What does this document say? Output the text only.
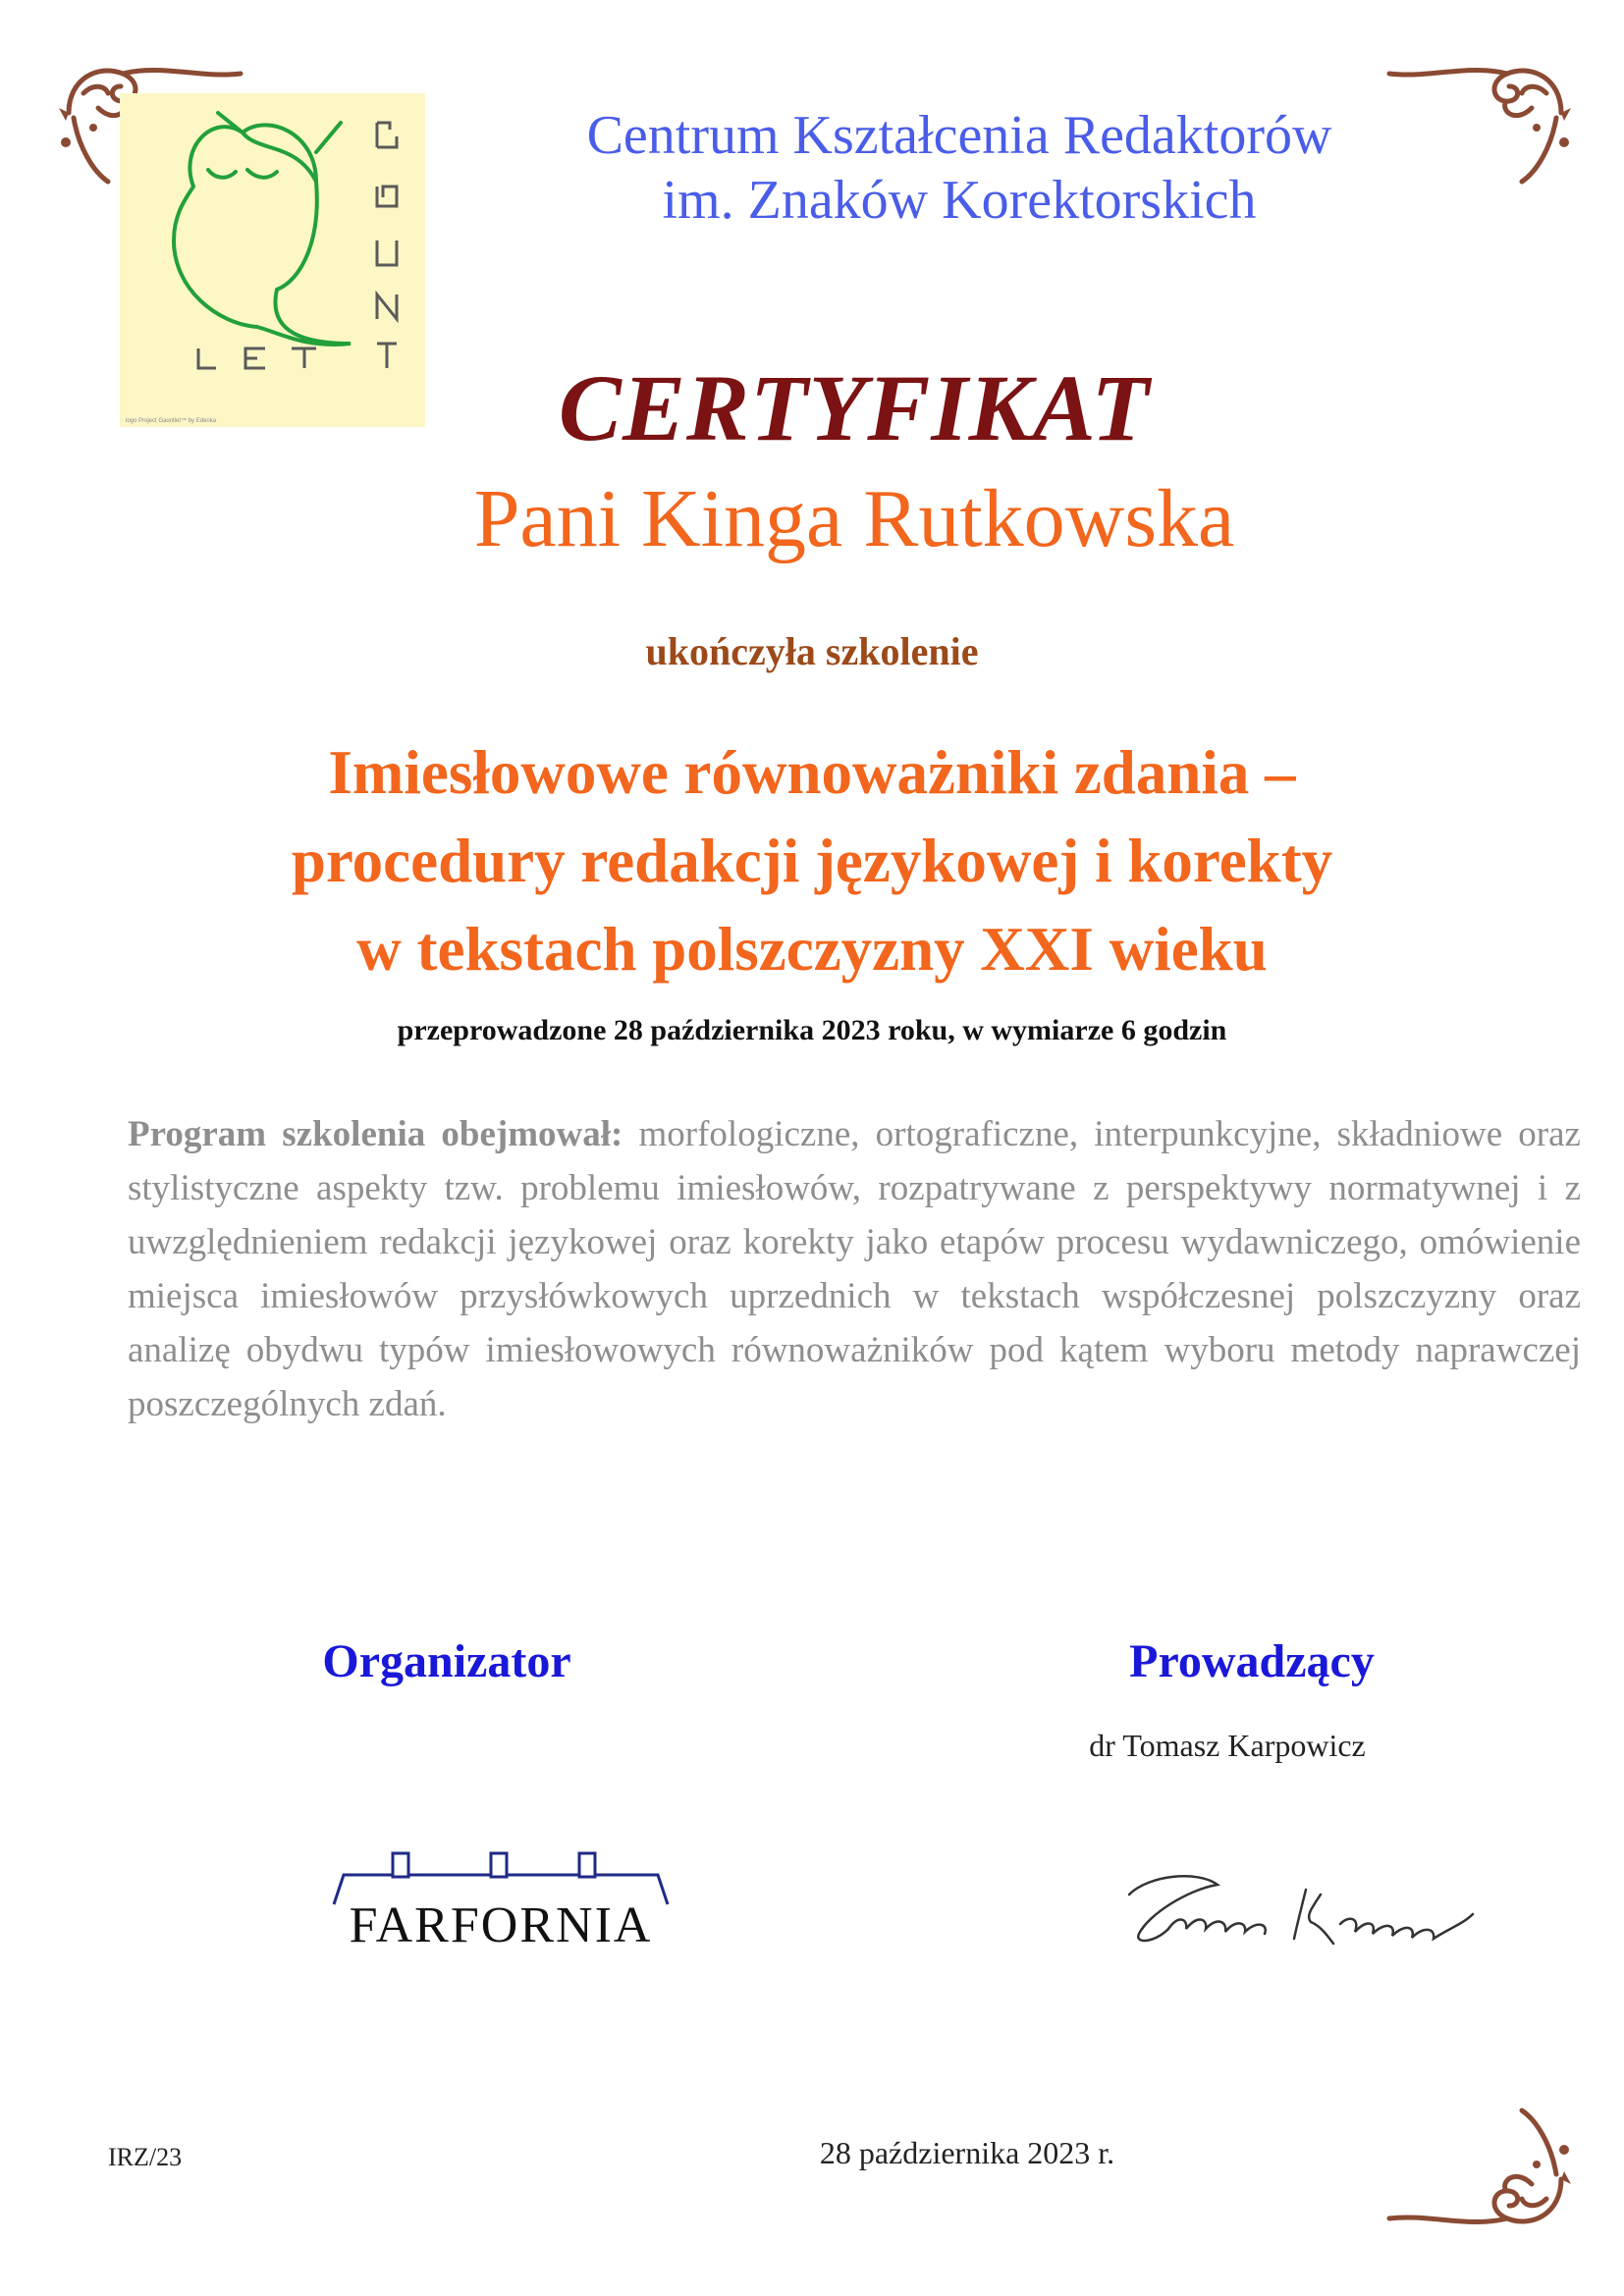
logo Project Gauntlet™ by Edenka
Centrum Kształcenia Redaktorów
im. Znaków Korektorskich
CERTYFIKAT
Pani Kinga Rutkowska
ukończyła szkolenie
Imiesłowowe równoważniki zdania –
procedury redakcji językowej i korekty
w tekstach polszczyzny XXI wieku
przeprowadzone 28 października 2023 roku, w wymiarze 6 godzin
Program szkolenia obejmował: morfologiczne, ortograficzne, interpunkcyjne, składniowe oraz stylistyczne aspekty tzw. problemu imiesłowów, rozpatrywane z perspektywy normatywnej i z uwzględnieniem redakcji językowej oraz korekty jako etapów procesu wydawniczego, omówienie miejsca imiesłowów przysłówkowych uprzednich w tekstach współczesnej polszczyzny oraz analizę obydwu typów imiesłowowych równoważników pod kątem wyboru metody naprawczej poszczególnych zdań.
Organizator	Prowadzący
dr Tomasz Karpowicz
FARFORNIA
IRZ/23	28 października 2023 r.
